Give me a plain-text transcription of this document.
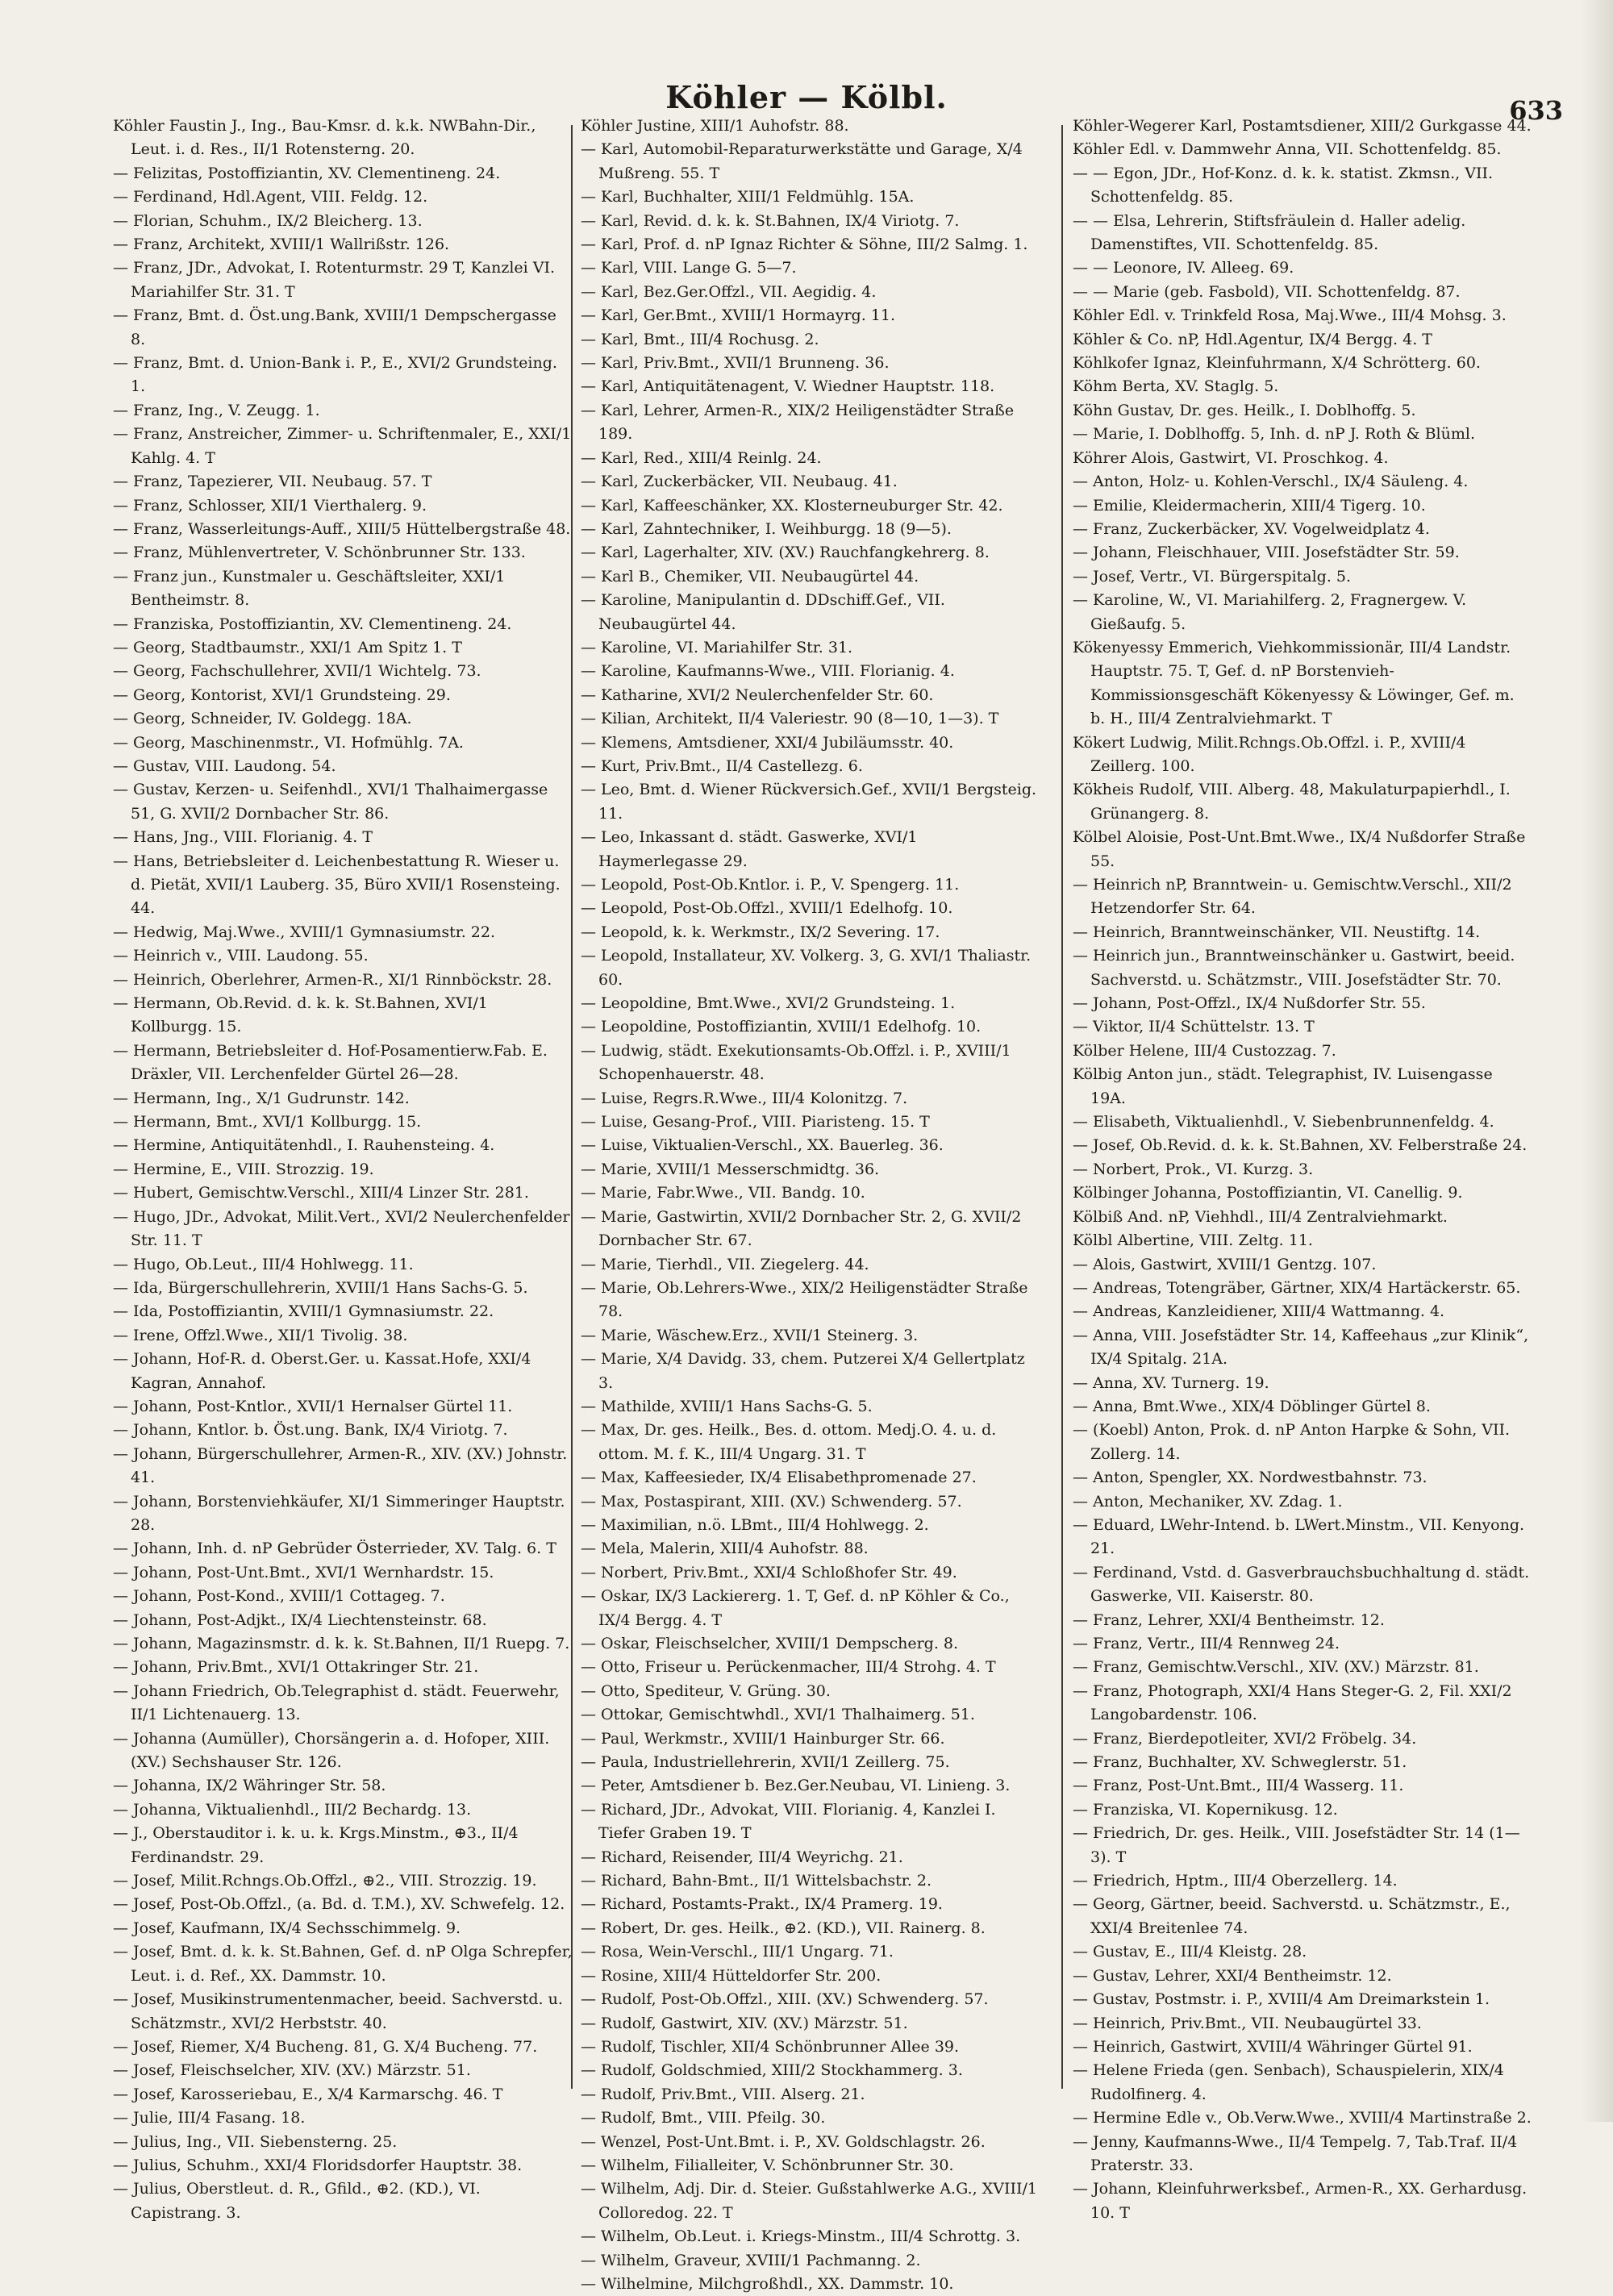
Köhler — Kölbl.	633

Köhler Faustin J., Ing., Bau-Kmsr. d. k.k. NWBahn-Dir., Leut. i. d. Res., II/1 Rotensterng. 20.

— Felizitas, Postoffiziantin, XV. Clementineng. 24.

— Ferdinand, Hdl.Agent, VIII. Feldg. 12.

— Florian, Schuhm., IX/2 Bleicherg. 13.

— Franz, Architekt, XVIII/1 Wallrißstr. 126.

— Franz, JDr., Advokat, I. Rotenturmstr. 29 T, Kanzlei VI. Mariahilfer Str. 31. T

— Franz, Bmt. d. Öst.ung.Bank, XVIII/1 Dempschergasse 8.

— Franz, Bmt. d. Union-Bank i. P., E., XVI/2 Grundsteing. 1.

— Franz, Ing., V. Zeugg. 1.

— Franz, Anstreicher, Zimmer- u. Schriftenmaler, E., XXI/1 Kahlg. 4. T

— Franz, Tapezierer, VII. Neubaug. 57. T

— Franz, Schlosser, XII/1 Vierthalerg. 9.

— Franz, Wasserleitungs-Auff., XIII/5 Hüttelbergstraße 48.

— Franz, Mühlenvertreter, V. Schönbrunner Str. 133.

— Franz jun., Kunstmaler u. Geschäftsleiter, XXI/1 Bentheimstr. 8.

— Franziska, Postoffiziantin, XV. Clementineng. 24.

— Georg, Stadtbaumstr., XXI/1 Am Spitz 1. T

— Georg, Fachschullehrer, XVII/1 Wichtelg. 73.

— Georg, Kontorist, XVI/1 Grundsteing. 29.

— Georg, Schneider, IV. Goldegg. 18A.

— Georg, Maschinenmstr., VI. Hofmühlg. 7A.

— Gustav, VIII. Laudong. 54.

— Gustav, Kerzen- u. Seifenhdl., XVI/1 Thalhaimergasse 51, G. XVII/2 Dornbacher Str. 86.

— Hans, Jng., VIII. Florianig. 4. T

— Hans, Betriebsleiter d. Leichenbestattung R. Wieser u. d. Pietät, XVII/1 Lauberg. 35, Büro XVII/1 Rosensteing. 44.

— Hedwig, Maj.Wwe., XVIII/1 Gymnasiumstr. 22.

— Heinrich v., VIII. Laudong. 55.

— Heinrich, Oberlehrer, Armen-R., XI/1 Rinnböckstr. 28.

— Hermann, Ob.Revid. d. k. k. St.Bahnen, XVI/1 Kollburgg. 15.

— Hermann, Betriebsleiter d. Hof-Posamentierw.Fab. E. Dräxler, VII. Lerchenfelder Gürtel 26—28.

— Hermann, Ing., X/1 Gudrunstr. 142.

— Hermann, Bmt., XVI/1 Kollburgg. 15.

— Hermine, Antiquitätenhdl., I. Rauhensteing. 4.

— Hermine, E., VIII. Strozzig. 19.

— Hubert, Gemischtw.Verschl., XIII/4 Linzer Str. 281.

— Hugo, JDr., Advokat, Milit.Vert., XVI/2 Neulerchenfelder Str. 11. T

— Hugo, Ob.Leut., III/4 Hohlwegg. 11.

— Ida, Bürgerschullehrerin, XVIII/1 Hans Sachs-G. 5.

— Ida, Postoffiziantin, XVIII/1 Gymnasiumstr. 22.

— Irene, Offzl.Wwe., XII/1 Tivolig. 38.

— Johann, Hof-R. d. Oberst.Ger. u. Kassat.Hofe, XXI/4 Kagran, Annahof.

— Johann, Post-Kntlor., XVII/1 Hernalser Gürtel 11.

— Johann, Kntlor. b. Öst.ung. Bank, IX/4 Viriotg. 7.

— Johann, Bürgerschullehrer, Armen-R., XIV. (XV.) Johnstr. 41.

— Johann, Borstenviehkäufer, XI/1 Simmeringer Hauptstr. 28.

— Johann, Inh. d. nP Gebrüder Österrieder, XV. Talg. 6. T

— Johann, Post-Unt.Bmt., XVI/1 Wernhardstr. 15.

— Johann, Post-Kond., XVIII/1 Cottageg. 7.

— Johann, Post-Adjkt., IX/4 Liechtensteinstr. 68.

— Johann, Magazinsmstr. d. k. k. St.Bahnen, II/1 Ruepg. 7.

— Johann, Priv.Bmt., XVI/1 Ottakringer Str. 21.

— Johann Friedrich, Ob.Telegraphist d. städt. Feuerwehr, II/1 Lichtenauerg. 13.

— Johanna (Aumüller), Chorsängerin a. d. Hofoper, XIII. (XV.) Sechshauser Str. 126.

— Johanna, IX/2 Währinger Str. 58.

— Johanna, Viktualienhdl., III/2 Bechardg. 13.

— J., Oberstauditor i. k. u. k. Krgs.Minstm., ⊕3., II/4 Ferdinandstr. 29.

— Josef, Milit.Rchngs.Ob.Offzl., ⊕2., VIII. Strozzig. 19.

— Josef, Post-Ob.Offzl., (a. Bd. d. T.M.), XV. Schwefelg. 12.

— Josef, Kaufmann, IX/4 Sechsschimmelg. 9.

— Josef, Bmt. d. k. k. St.Bahnen, Gef. d. nP Olga Schrepfer, Leut. i. d. Ref., XX. Dammstr. 10.

— Josef, Musikinstrumentenmacher, beeid. Sachverstd. u. Schätzmstr., XVI/2 Herbststr. 40.

— Josef, Riemer, X/4 Bucheng. 81, G. X/4 Bucheng. 77.

— Josef, Fleischselcher, XIV. (XV.) Märzstr. 51.

— Josef, Karosseriebau, E., X/4 Karmarschg. 46. T

— Julie, III/4 Fasang. 18.

— Julius, Ing., VII. Siebensterng. 25.

— Julius, Schuhm., XXI/4 Floridsdorfer Hauptstr. 38.

— Julius, Oberstleut. d. R., Gfild., ⊕2. (KD.), VI. Capistrang. 3.

Köhler Justine, XIII/1 Auhofstr. 88.

— Karl, Automobil-Reparaturwerkstätte und Garage, X/4 Mußreng. 55. T

— Karl, Buchhalter, XIII/1 Feldmühlg. 15A.

— Karl, Revid. d. k. k. St.Bahnen, IX/4 Viriotg. 7.

— Karl, Prof. d. nP Ignaz Richter & Söhne, III/2 Salmg. 1.

— Karl, VIII. Lange G. 5—7.

— Karl, Bez.Ger.Offzl., VII. Aegidig. 4.

— Karl, Ger.Bmt., XVIII/1 Hormayrg. 11.

— Karl, Bmt., III/4 Rochusg. 2.

— Karl, Priv.Bmt., XVII/1 Brunneng. 36.

— Karl, Antiquitätenagent, V. Wiedner Hauptstr. 118.

— Karl, Lehrer, Armen-R., XIX/2 Heiligenstädter Straße 189.

— Karl, Red., XIII/4 Reinlg. 24.

— Karl, Zuckerbäcker, VII. Neubaug. 41.

— Karl, Kaffeeschänker, XX. Klosterneuburger Str. 42.

— Karl, Zahntechniker, I. Weihburgg. 18 (9—5).

— Karl, Lagerhalter, XIV. (XV.) Rauchfangkehrerg. 8.

— Karl B., Chemiker, VII. Neubaugürtel 44.

— Karoline, Manipulantin d. DDschiff.Gef., VII. Neubaugürtel 44.

— Karoline, VI. Mariahilfer Str. 31.

— Karoline, Kaufmanns-Wwe., VIII. Florianig. 4.

— Katharine, XVI/2 Neulerchenfelder Str. 60.

— Kilian, Architekt, II/4 Valeriestr. 90 (8—10, 1—3). T

— Klemens, Amtsdiener, XXI/4 Jubiläumsstr. 40.

— Kurt, Priv.Bmt., II/4 Castellezg. 6.

— Leo, Bmt. d. Wiener Rückversich.Gef., XVII/1 Bergsteig. 11.

— Leo, Inkassant d. städt. Gaswerke, XVI/1 Haymerlegasse 29.

— Leopold, Post-Ob.Kntlor. i. P., V. Spengerg. 11.

— Leopold, Post-Ob.Offzl., XVIII/1 Edelhofg. 10.

— Leopold, k. k. Werkmstr., IX/2 Severing. 17.

— Leopold, Installateur, XV. Volkerg. 3, G. XVI/1 Thaliastr. 60.

— Leopoldine, Bmt.Wwe., XVI/2 Grundsteing. 1.

— Leopoldine, Postoffiziantin, XVIII/1 Edelhofg. 10.

— Ludwig, städt. Exekutionsamts-Ob.Offzl. i. P., XVIII/1 Schopenhauerstr. 48.

— Luise, Regrs.R.Wwe., III/4 Kolonitzg. 7.

— Luise, Gesang-Prof., VIII. Piaristeng. 15. T

— Luise, Viktualien-Verschl., XX. Bauerleg. 36.

— Marie, XVIII/1 Messerschmidtg. 36.

— Marie, Fabr.Wwe., VII. Bandg. 10.

— Marie, Gastwirtin, XVII/2 Dornbacher Str. 2, G. XVII/2 Dornbacher Str. 67.

— Marie, Tierhdl., VII. Ziegelerg. 44.

— Marie, Ob.Lehrers-Wwe., XIX/2 Heiligenstädter Straße 78.

— Marie, Wäschew.Erz., XVII/1 Steinerg. 3.

— Marie, X/4 Davidg. 33, chem. Putzerei X/4 Gellertplatz 3.

— Mathilde, XVIII/1 Hans Sachs-G. 5.

— Max, Dr. ges. Heilk., Bes. d. ottom. Medj.O. 4. u. d. ottom. M. f. K., III/4 Ungarg. 31. T

— Max, Kaffeesieder, IX/4 Elisabethpromenade 27.

— Max, Postaspirant, XIII. (XV.) Schwenderg. 57.

— Maximilian, n.ö. LBmt., III/4 Hohlwegg. 2.

— Mela, Malerin, XIII/4 Auhofstr. 88.

— Norbert, Priv.Bmt., XXI/4 Schloßhofer Str. 49.

— Oskar, IX/3 Lackiererg. 1. T, Gef. d. nP Köhler & Co., IX/4 Bergg. 4. T

— Oskar, Fleischselcher, XVIII/1 Dempscherg. 8.

— Otto, Friseur u. Perückenmacher, III/4 Strohg. 4. T

— Otto, Spediteur, V. Grüng. 30.

— Ottokar, Gemischtwhdl., XVI/1 Thalhaimerg. 51.

— Paul, Werkmstr., XVIII/1 Hainburger Str. 66.

— Paula, Industriellehrerin, XVII/1 Zeillerg. 75.

— Peter, Amtsdiener b. Bez.Ger.Neubau, VI. Linieng. 3.

— Richard, JDr., Advokat, VIII. Florianig. 4, Kanzlei I. Tiefer Graben 19. T

— Richard, Reisender, III/4 Weyrichg. 21.

— Richard, Bahn-Bmt., II/1 Wittelsbachstr. 2.

— Richard, Postamts-Prakt., IX/4 Pramerg. 19.

— Robert, Dr. ges. Heilk., ⊕2. (KD.), VII. Rainerg. 8.

— Rosa, Wein-Verschl., III/1 Ungarg. 71.

— Rosine, XIII/4 Hütteldorfer Str. 200.

— Rudolf, Post-Ob.Offzl., XIII. (XV.) Schwenderg. 57.

— Rudolf, Gastwirt, XIV. (XV.) Märzstr. 51.

— Rudolf, Tischler, XII/4 Schönbrunner Allee 39.

— Rudolf, Goldschmied, XIII/2 Stockhammerg. 3.

— Rudolf, Priv.Bmt., VIII. Alserg. 21.

— Rudolf, Bmt., VIII. Pfeilg. 30.

— Wenzel, Post-Unt.Bmt. i. P., XV. Goldschlagstr. 26.

— Wilhelm, Filialleiter, V. Schönbrunner Str. 30.

— Wilhelm, Adj. Dir. d. Steier. Gußstahlwerke A.G., XVIII/1 Colloredog. 22. T

— Wilhelm, Ob.Leut. i. Kriegs-Minstm., III/4 Schrottg. 3.

— Wilhelm, Graveur, XVIII/1 Pachmanng. 2.

— Wilhelmine, Milchgroßhdl., XX. Dammstr. 10.

Köhler-Wegerer Karl, Postamtsdiener, XIII/2 Gurkgasse 44.

Köhler Edl. v. Dammwehr Anna, VII. Schottenfeldg. 85.

— — Egon, JDr., Hof-Konz. d. k. k. statist. Zkmsn., VII. Schottenfeldg. 85.

— — Elsa, Lehrerin, Stiftsfräulein d. Haller adelig. Damenstiftes, VII. Schottenfeldg. 85.

— — Leonore, IV. Alleeg. 69.

— — Marie (geb. Fasbold), VII. Schottenfeldg. 87.

Köhler Edl. v. Trinkfeld Rosa, Maj.Wwe., III/4 Mohsg. 3.

Köhler & Co. nP, Hdl.Agentur, IX/4 Bergg. 4. T

Köhlkofer Ignaz, Kleinfuhrmann, X/4 Schrötterg. 60.

Köhm Berta, XV. Staglg. 5.

Köhn Gustav, Dr. ges. Heilk., I. Doblhoffg. 5.

— Marie, I. Doblhoffg. 5, Inh. d. nP J. Roth & Blüml.

Köhrer Alois, Gastwirt, VI. Proschkog. 4.

— Anton, Holz- u. Kohlen-Verschl., IX/4 Säuleng. 4.

— Emilie, Kleidermacherin, XIII/4 Tigerg. 10.

— Franz, Zuckerbäcker, XV. Vogelweidplatz 4.

— Johann, Fleischhauer, VIII. Josefstädter Str. 59.

— Josef, Vertr., VI. Bürgerspitalg. 5.

— Karoline, W., VI. Mariahilferg. 2, Fragnergew. V. Gießaufg. 5.

Kökenyessy Emmerich, Viehkommissionär, III/4 Landstr. Hauptstr. 75. T, Gef. d. nP Borstenvieh-Kommissionsgeschäft Kökenyessy & Löwinger, Gef. m. b. H., III/4 Zentralviehmarkt. T

Kökert Ludwig, Milit.Rchngs.Ob.Offzl. i. P., XVIII/4 Zeillerg. 100.

Kökheis Rudolf, VIII. Alberg. 48, Makulaturpapierhdl., I. Grünangerg. 8.

Kölbel Aloisie, Post-Unt.Bmt.Wwe., IX/4 Nußdorfer Straße 55.

— Heinrich nP, Branntwein- u. Gemischtw.Verschl., XII/2 Hetzendorfer Str. 64.

— Heinrich, Branntweinschänker, VII. Neustiftg. 14.

— Heinrich jun., Branntweinschänker u. Gastwirt, beeid. Sachverstd. u. Schätzmstr., VIII. Josefstädter Str. 70.

— Johann, Post-Offzl., IX/4 Nußdorfer Str. 55.

— Viktor, II/4 Schüttelstr. 13. T

Kölber Helene, III/4 Custozzag. 7.

Kölbig Anton jun., städt. Telegraphist, IV. Luisengasse 19A.

— Elisabeth, Viktualienhdl., V. Siebenbrunnenfeldg. 4.

— Josef, Ob.Revid. d. k. k. St.Bahnen, XV. Felberstraße 24.

— Norbert, Prok., VI. Kurzg. 3.

Kölbinger Johanna, Postoffiziantin, VI. Canellig. 9.

Kölbiß And. nP, Viehhdl., III/4 Zentralviehmarkt.

Kölbl Albertine, VIII. Zeltg. 11.

— Alois, Gastwirt, XVIII/1 Gentzg. 107.

— Andreas, Totengräber, Gärtner, XIX/4 Hartäckerstr. 65.

— Andreas, Kanzleidiener, XIII/4 Wattmanng. 4.

— Anna, VIII. Josefstädter Str. 14, Kaffeehaus „zur Klinik“, IX/4 Spitalg. 21A.

— Anna, XV. Turnerg. 19.

— Anna, Bmt.Wwe., XIX/4 Döblinger Gürtel 8.

— (Koebl) Anton, Prok. d. nP Anton Harpke & Sohn, VII. Zollerg. 14.

— Anton, Spengler, XX. Nordwestbahnstr. 73.

— Anton, Mechaniker, XV. Zdag. 1.

— Eduard, LWehr-Intend. b. LWert.Minstm., VII. Kenyong. 21.

— Ferdinand, Vstd. d. Gasverbrauchsbuchhaltung d. städt. Gaswerke, VII. Kaiserstr. 80.

— Franz, Lehrer, XXI/4 Bentheimstr. 12.

— Franz, Vertr., III/4 Rennweg 24.

— Franz, Gemischtw.Verschl., XIV. (XV.) Märzstr. 81.

— Franz, Photograph, XXI/4 Hans Steger-G. 2, Fil. XXI/2 Langobardenstr. 106.

— Franz, Bierdepotleiter, XVI/2 Fröbelg. 34.

— Franz, Buchhalter, XV. Schweglerstr. 51.

— Franz, Post-Unt.Bmt., III/4 Wasserg. 11.

— Franziska, VI. Kopernikusg. 12.

— Friedrich, Dr. ges. Heilk., VIII. Josefstädter Str. 14 (1—3). T

— Friedrich, Hptm., III/4 Oberzellerg. 14.

— Georg, Gärtner, beeid. Sachverstd. u. Schätzmstr., E., XXI/4 Breitenlee 74.

— Gustav, E., III/4 Kleistg. 28.

— Gustav, Lehrer, XXI/4 Bentheimstr. 12.

— Gustav, Postmstr. i. P., XVIII/4 Am Dreimarkstein 1.

— Heinrich, Priv.Bmt., VII. Neubaugürtel 33.

— Heinrich, Gastwirt, XVIII/4 Währinger Gürtel 91.

— Helene Frieda (gen. Senbach), Schauspielerin, XIX/4 Rudolfinerg. 4.

— Hermine Edle v., Ob.Verw.Wwe., XVIII/4 Martinstraße 2.

— Jenny, Kaufmanns-Wwe., II/4 Tempelg. 7, Tab.Traf. II/4 Praterstr. 33.

— Johann, Kleinfuhrwerksbef., Armen-R., XX. Gerhardusg. 10. T
